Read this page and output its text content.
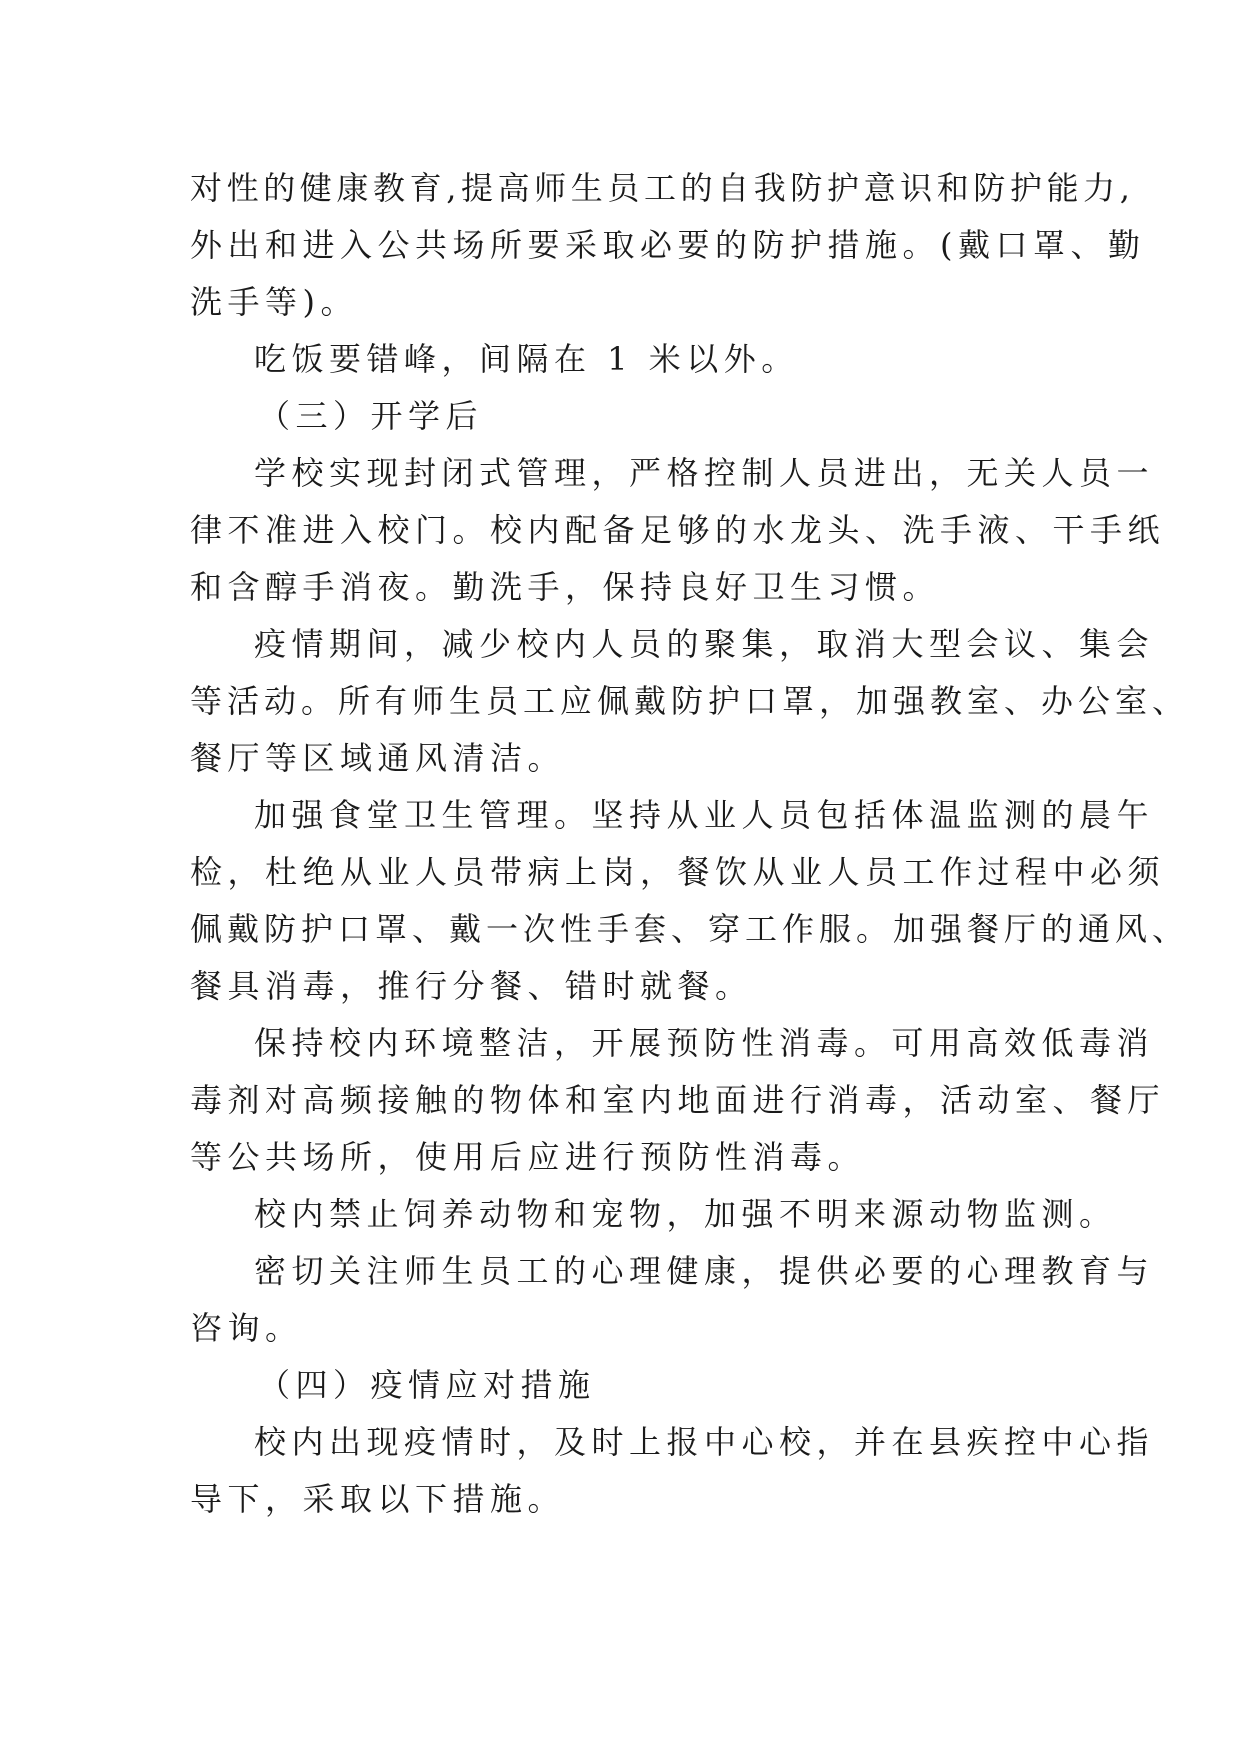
对性的健康教育,提高师生员工的自我防护意识和防护能力,
外出和进入公共场所要采取必要的防护措施。(戴口罩、勤
洗手等)。
吃饭要错峰，间隔在 1 米以外。
（三）开学后
学校实现封闭式管理，严格控制人员进出，无关人员一
律不准进入校门。校内配备足够的水龙头、洗手液、干手纸
和含醇手消夜。勤洗手，保持良好卫生习惯。
疫情期间，减少校内人员的聚集，取消大型会议、集会
等活动。所有师生员工应佩戴防护口罩，加强教室、办公室、
餐厅等区域通风清洁。
加强食堂卫生管理。坚持从业人员包括体温监测的晨午
检，杜绝从业人员带病上岗，餐饮从业人员工作过程中必须
佩戴防护口罩、戴一次性手套、穿工作服。加强餐厅的通风、
餐具消毒，推行分餐、错时就餐。
保持校内环境整洁，开展预防性消毒。可用高效低毒消
毒剂对高频接触的物体和室内地面进行消毒，活动室、餐厅
等公共场所，使用后应进行预防性消毒。
校内禁止饲养动物和宠物，加强不明来源动物监测。
密切关注师生员工的心理健康，提供必要的心理教育与
咨询。
（四）疫情应对措施
校内出现疫情时，及时上报中心校，并在县疾控中心指
导下，采取以下措施。
